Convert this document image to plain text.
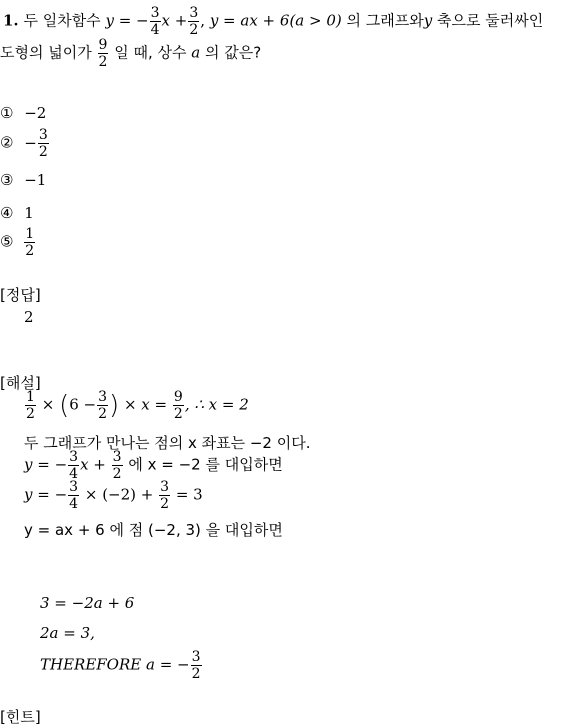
1. 두 일차함수 y = − $\frac{3}{4}$ $x + \frac{3}{2}$ , y = ax + 6(a > 0) 의 그래프와y 축으로 둘러싸인
도형의 넓이가 $\frac{9}{2}$ 일 때, 상수 a 의 값은?
① −2
② − $\frac{3}{2}$
③ −1
④ 1
⑤ $\frac{1}{2}$
[정답]
2
[해설]
$\frac{1}{2} \times (6 - \frac{3}{2}$ ) × $x = \frac{9}{2}$ , ∴ x = 2
두 그래프가 만나는 점의 x 좌표는 −2 이다.
y = − $\frac{3}{4}$ $x + \frac{3}{2}$ 에 x = −2 를 대입하면
y = − $\frac{3}{4} \times (-2) + \frac{3}{2} = 3$
y = ax + 6 에 점 (−2, 3) 을 대입하면
3 = −2a + 6
2a = 3,
THEREFORE a = − $\frac{3}{2}$
[힌트]
